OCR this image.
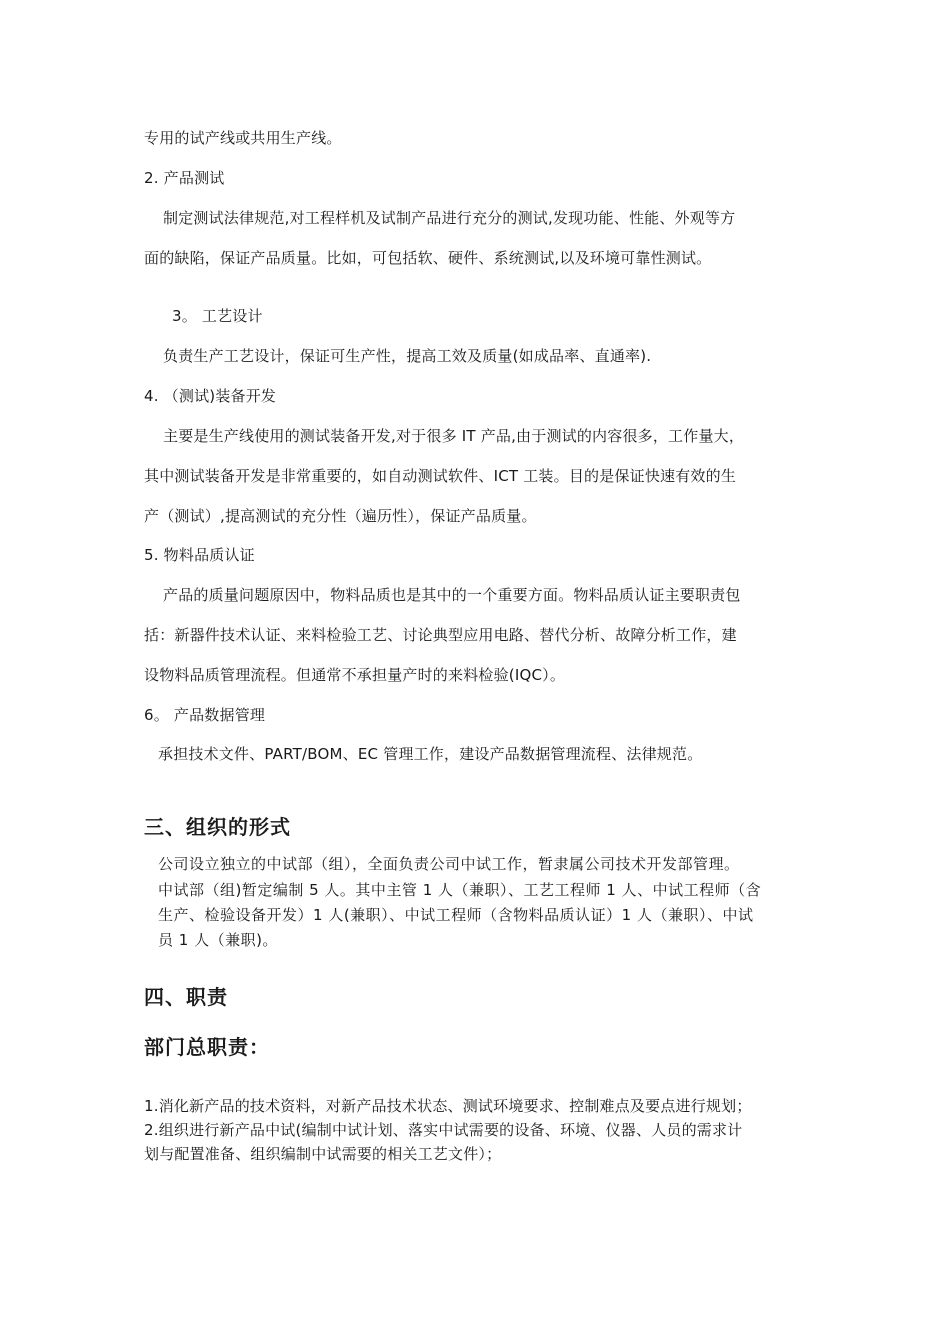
专用的试产线或共用生产线。
2. 产品测试
制定测试法律规范,对工程样机及试制产品进行充分的测试,发现功能、性能、外观等方
面的缺陷，保证产品质量。比如，可包括软、硬件、系统测试,以及环境可靠性测试。
3。 工艺设计
负责生产工艺设计，保证可生产性，提高工效及质量(如成品率、直通率).
4. （测试)装备开发
主要是生产线使用的测试装备开发,对于很多 IT 产品,由于测试的内容很多，工作量大，
其中测试装备开发是非常重要的，如自动测试软件、ICT 工装。目的是保证快速有效的生
产（测试）,提高测试的充分性（遍历性），保证产品质量。
5. 物料品质认证
产品的质量问题原因中，物料品质也是其中的一个重要方面。物料品质认证主要职责包
括：新器件技术认证、来料检验工艺、讨论典型应用电路、替代分析、故障分析工作，建
设物料品质管理流程。但通常不承担量产时的来料检验(IQC）。
6。 产品数据管理
承担技术文件、PART/BOM、EC 管理工作，建设产品数据管理流程、法律规范。
三、组织的形式
公司设立独立的中试部（组），全面负责公司中试工作，暂隶属公司技术开发部管理。
中试部（组)暂定编制 5 人。其中主管 1 人（兼职）、工艺工程师 1 人、中试工程师（含
生产、检验设备开发）1 人(兼职）、中试工程师（含物料品质认证）1 人（兼职）、中试
员 1 人（兼职)。
四、职责
部门总职责：
1.消化新产品的技术资料，对新产品技术状态、测试环境要求、控制难点及要点进行规划；
2.组织进行新产品中试(编制中试计划、落实中试需要的设备、环境、仪器、人员的需求计
划与配置准备、组织编制中试需要的相关工艺文件）；
